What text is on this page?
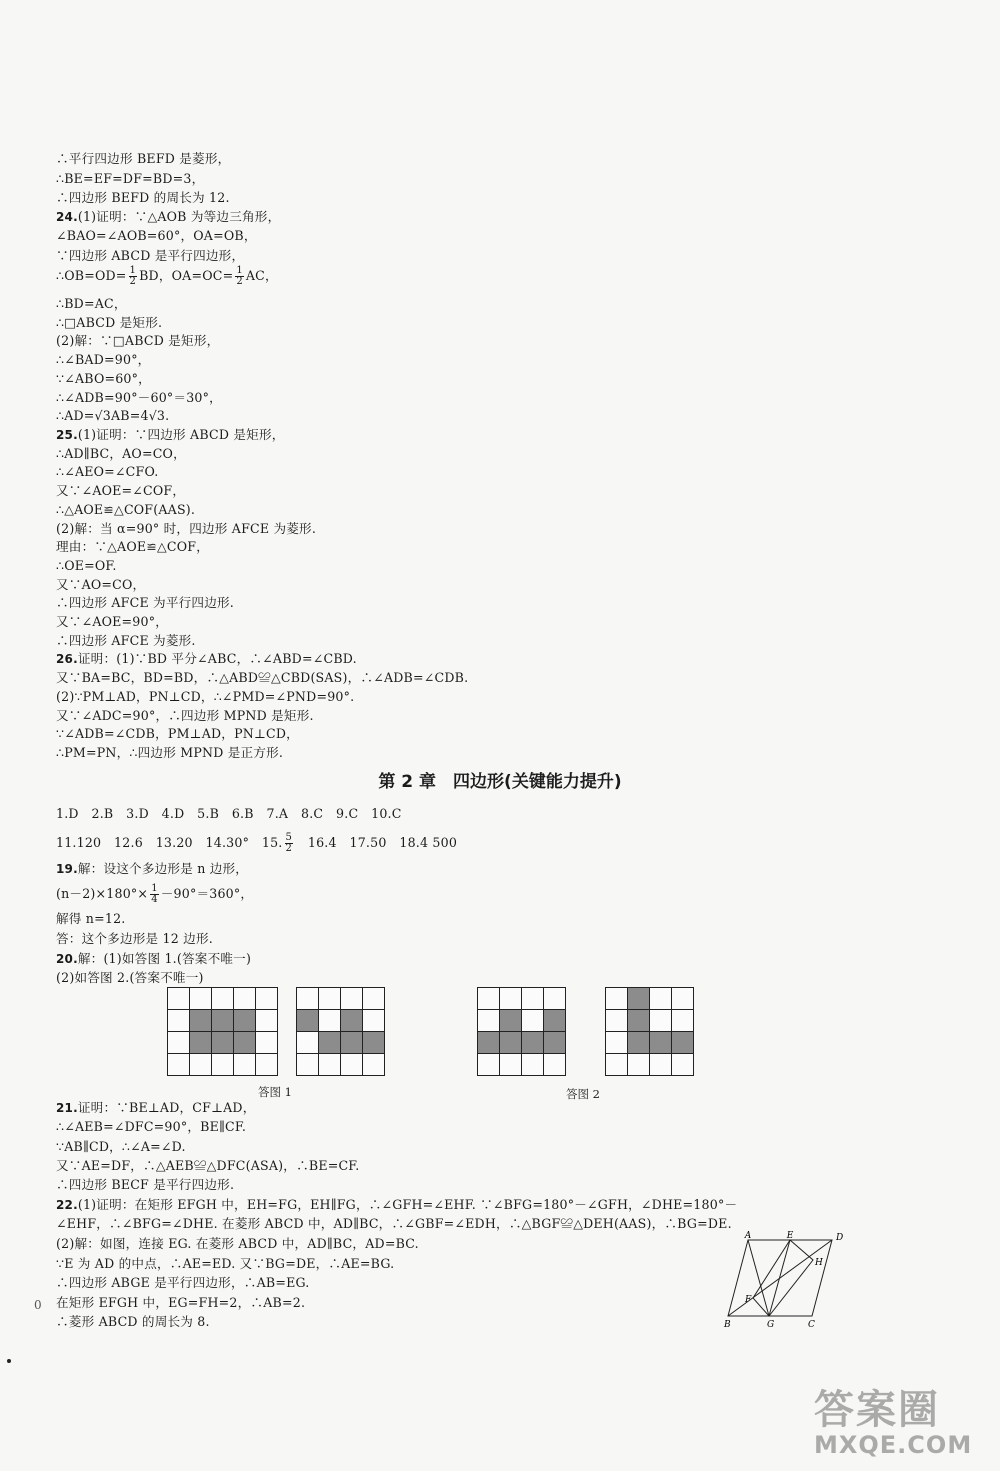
∴平行四边形 BEFD 是菱形，
∴BE=EF=DF=BD=3，
∴四边形 BEFD 的周长为 12.
24.(1)证明：∵△AOB 为等边三角形，
∠BAO=∠AOB=60°，OA=OB，
∵四边形 ABCD 是平行四边形，
∴OB=OD= $\frac{1}{2}$ BD，$OA=OC= \frac{1}{2}$ AC，
∴BD=AC，
∴□ABCD 是矩形.
(2)解：∵□ABCD 是矩形，
∴∠BAD=90°，
∵∠ABO=60°，
∴∠ADB=90°－60°＝30°，
∴AD=√3AB=4√3.
25.(1)证明：∵四边形 ABCD 是矩形，
∴AD∥BC，AO=CO，
∴∠AEO=∠CFO.
又∵∠AOE=∠COF，
∴△AOE≌△COF(AAS).
(2)解：当 α=90° 时，四边形 AFCE 为菱形.
理由：∵△AOE≌△COF，
∴OE=OF.
又∵AO=CO，
∴四边形 AFCE 为平行四边形.
又∵∠AOE=90°，
∴四边形 AFCE 为菱形.
26.证明：(1)∵BD 平分∠ABC，∴∠ABD=∠CBD.
又∵BA=BC，BD=BD，∴△ABD≌△CBD(SAS)，∴∠ADB=∠CDB.
(2)∵PM⊥AD，PN⊥CD，∴∠PMD=∠PND=90°.
又∵∠ADC=90°，∴四边形 MPND 是矩形.
∵∠ADB=∠CDB，PM⊥AD，PN⊥CD，
∴PM=PN，∴四边形 MPND 是正方形.
第 2 章　四边形(关键能力提升)
1.D　2.B　3.D　4.D　5.B　6.B　7.A　8.C　9.C　10.C
11.120　12.6　13.20　14.30°　15. $\frac{5}{2}$ 　16.4　17.50　18.4 500
19.解：设这个多边形是 n 边形，
$(n-2)\times 180^\circ\times \frac{1}{4} -90^\circ=360^\circ$，
解得 n=12.
答：这个多边形是 12 边形.
20.解：(1)如答图 1.(答案不唯一)
(2)如答图 2.(答案不唯一)

答图 1	答图 2
21.证明：∵BE⊥AD，CF⊥AD，
∴∠AEB=∠DFC=90°，BE∥CF.
∵AB∥CD，∴∠A=∠D.
又∵AE=DF，∴△AEB≌△DFC(ASA)，∴BE=CF.
∴四边形 BECF 是平行四边形.
22.(1)证明：在矩形 EFGH 中，EH=FG，EH∥FG，∴∠GFH=∠EHF. ∵∠BFG=180°－∠GFH，∠DHE=180°－
∠EHF，∴∠BFG=∠DHE. 在菱形 ABCD 中，AD∥BC，∴∠GBF=∠EDH，∴△BGF≌△DEH(AAS)，∴BG=DE.
(2)解：如图，连接 EG. 在菱形 ABCD 中，AD∥BC，AD=BC.
∵E 为 AD 的中点，∴AE=ED. 又∵BG=DE，∴AE=BG.
∴四边形 ABGE 是平行四边形，∴AB=EG.
在矩形 EFGH 中，EG=FH=2，∴AB=2.
∴菱形 ABCD 的周长为 8.
A	E	D
H
F
B	G	C
0
答案圈
MXQE.COM
